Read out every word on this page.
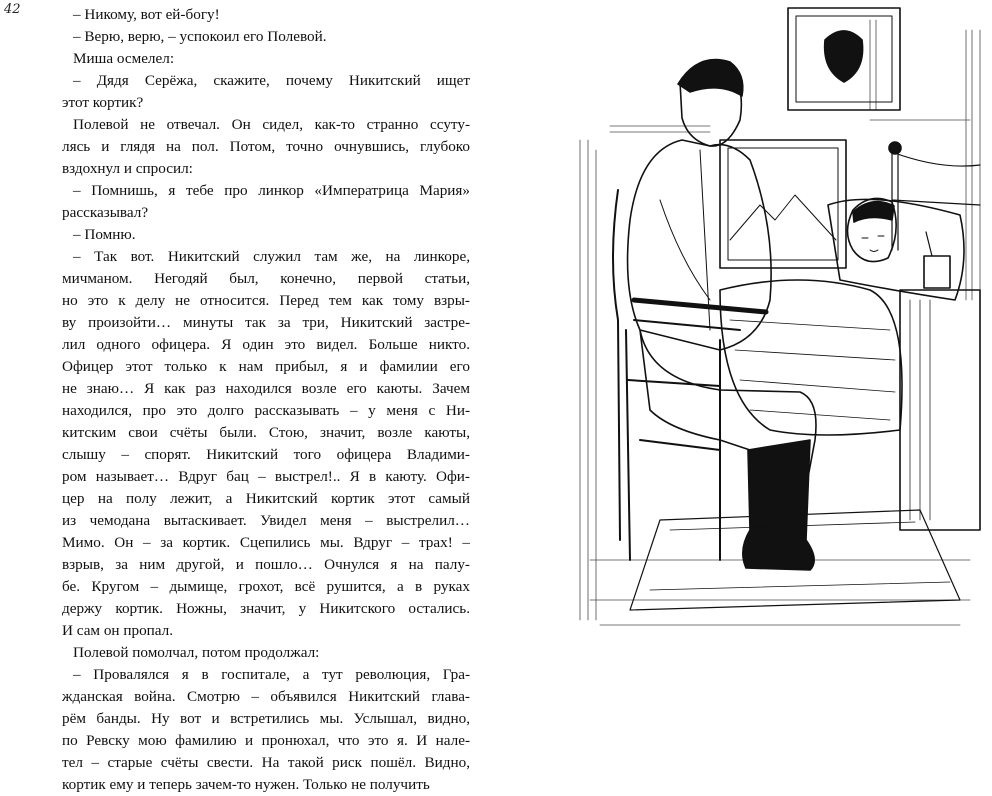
42	– Никому, вот ей-богу!
– Верю, верю, – успокоил его Полевой.
Миша осмелел:
– Дядя Серёжа, скажите, почему Никитский ищет
этот кортик?
Полевой не отвечал. Он сидел, как-то странно ссуту-
лясь и глядя на пол. Потом, точно очнувшись, глубоко
вздохнул и спросил:
– Помнишь, я тебе про линкор «Императрица Мария»
рассказывал?
– Помню.
– Так вот. Никитский служил там же, на линкоре,
мичманом. Негодяй был, конечно, первой статьи,
но это к делу не относится. Перед тем как тому взры-
ву произойти… минуты так за три, Никитский застре-
лил одного офицера. Я один это видел. Больше никто.
Офицер этот только к нам прибыл, я и фамилии его
не знаю… Я как раз находился возле его каюты. Зачем
находился, про это долго рассказывать – у меня с Ни-
китским свои счёты были. Стою, значит, возле каюты,
слышу – спорят. Никитский того офицера Владими-
ром называет… Вдруг бац – выстрел!.. Я в каюту. Офи-
цер на полу лежит, а Никитский кортик этот самый
из чемодана вытаскивает. Увидел меня – выстрелил…
Мимо. Он – за кортик. Сцепились мы. Вдруг – трах! –
взрыв, за ним другой, и пошло… Очнулся я на палу-
бе. Кругом – дымище, грохот, всё рушится, а в руках
держу кортик. Ножны, значит, у Никитского остались.
И сам он пропал.
Полевой помолчал, потом продолжал:
– Провалялся я в госпитале, а тут революция, Гра-
жданская война. Смотрю – объявился Никитский глава-
рём банды. Ну вот и встретились мы. Услышал, видно,
по Ревску мою фамилию и пронюхал, что это я. И нале-
тел – старые счёты свести. На такой риск пошёл. Видно,
кортик ему и теперь зачем-то нужен. Только не получить
